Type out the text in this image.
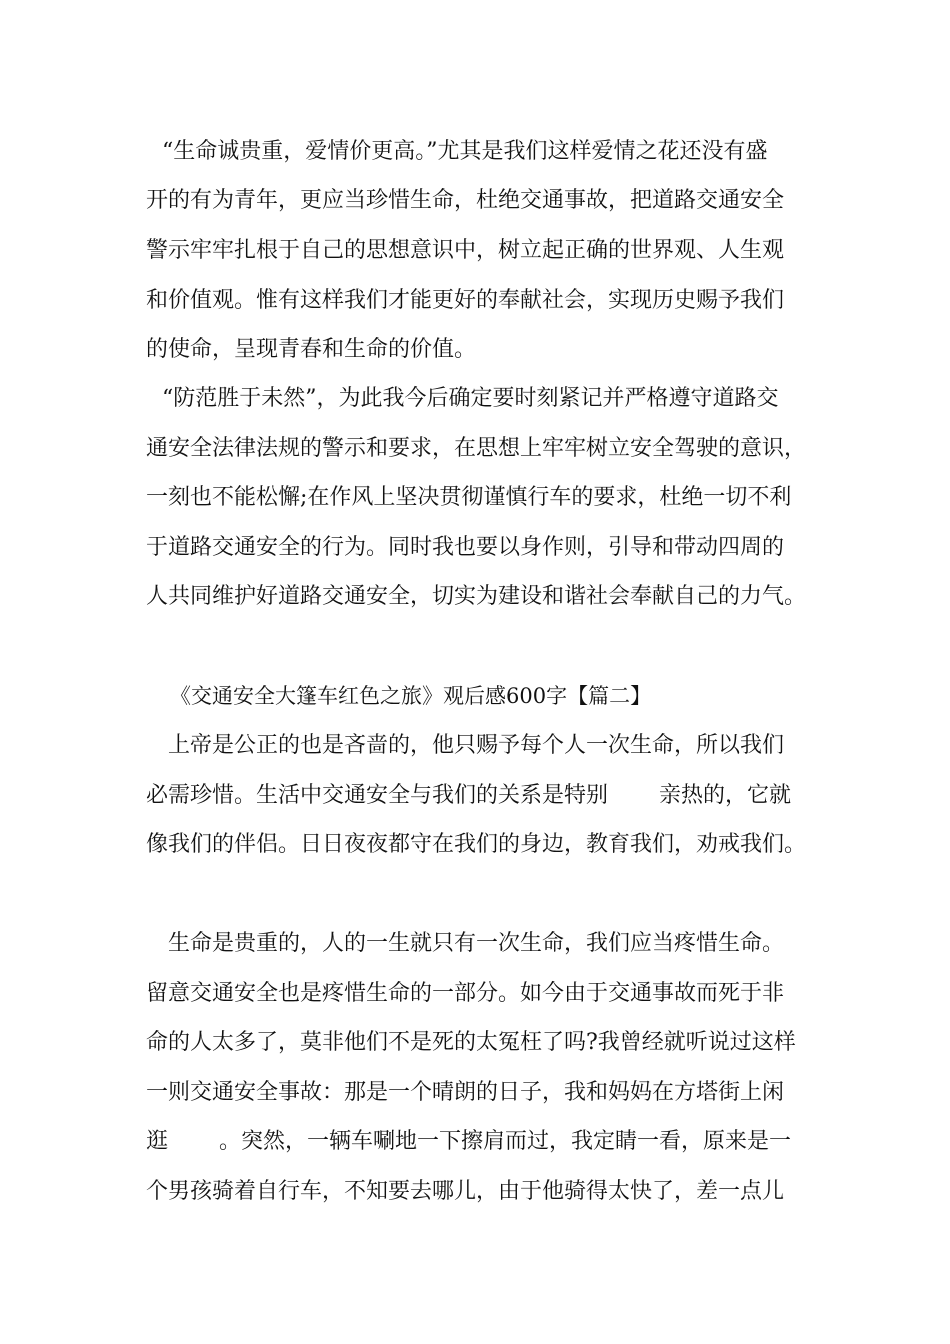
“生命诚贵重，爱情价更高。”尤其是我们这样爱情之花还没有盛
开的有为青年，更应当珍惜生命，杜绝交通事故，把道路交通安全
警示牢牢扎根于自己的思想意识中，树立起正确的世界观、人生观
和价值观。惟有这样我们才能更好的奉献社会，实现历史赐予我们
的使命，呈现青春和生命的价值。
“防范胜于未然”，为此我今后确定要时刻紧记并严格遵守道路交
通安全法律法规的警示和要求，在思想上牢牢树立安全驾驶的意识，
一刻也不能松懈;在作风上坚决贯彻谨慎行车的要求，杜绝一切不利
于道路交通安全的行为。同时我也要以身作则，引导和带动四周的
人共同维护好道路交通安全，切实为建设和谐社会奉献自己的力气。
《交通安全大篷车红色之旅》观后感600字【篇二】
上帝是公正的也是吝啬的，他只赐予每个人一次生命，所以我们
必需珍惜。生活中交通安全与我们的关系是特别　　 亲热的，它就
像我们的伴侣。日日夜夜都守在我们的身边，教育我们，劝戒我们。
生命是贵重的，人的一生就只有一次生命，我们应当疼惜生命。
留意交通安全也是疼惜生命的一部分。如今由于交通事故而死于非
命的人太多了，莫非他们不是死的太冤枉了吗?我曾经就听说过这样
一则交通安全事故：那是一个晴朗的日子，我和妈妈在方塔街上闲
逛　　 。突然，一辆车唰地一下擦肩而过，我定睛一看，原来是一
个男孩骑着自行车，不知要去哪儿，由于他骑得太快了，差一点儿
